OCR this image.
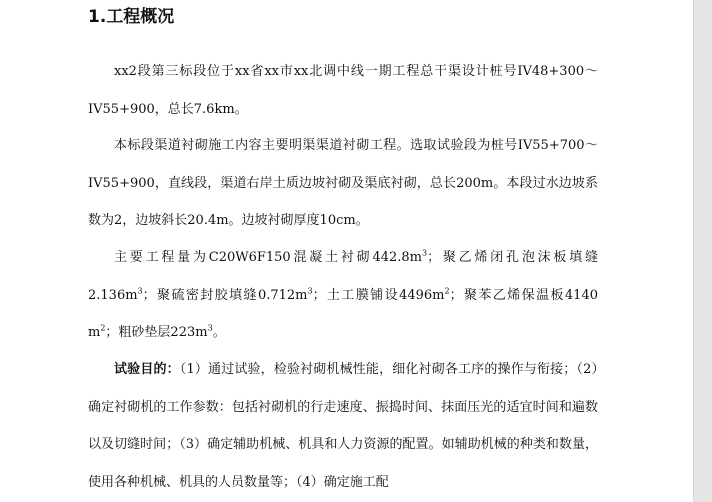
1.工程概况

xx2段第三标段位于xx省xx市xx北调中线一期工程总干渠设计桩号IV48+300～IV55+900，总长7.6km。

本标段渠道衬砌施工内容主要明渠渠道衬砌工程。选取试验段为桩号IV55+700～IV55+900，直线段，渠道右岸土质边坡衬砌及渠底衬砌，总长200m。本段过水边坡系数为2，边坡斜长20.4m。边坡衬砌厚度10cm。

主要工程量为C20W6F150混凝土衬砌$442.8m^3$；聚乙烯闭孔泡沫板填缝$2.136m^3$；聚硫密封胶填缝$0.712m^3$；土工膜铺设$4496m^2$；聚苯乙烯保温板4140 $m^2$；粗砂垫层$223m^3$。

试验目的：（1）通过试验，检验衬砌机械性能，细化衬砌各工序的操作与衔接；（2）确定衬砌机的工作参数：包括衬砌机的行走速度、振捣时间、抹面压光的适宜时间和遍数以及切缝时间；（3）确定辅助机械、机具和人力资源的配置。如辅助机械的种类和数量，使用各种机械、机具的人员数量等；（4）确定施工配
